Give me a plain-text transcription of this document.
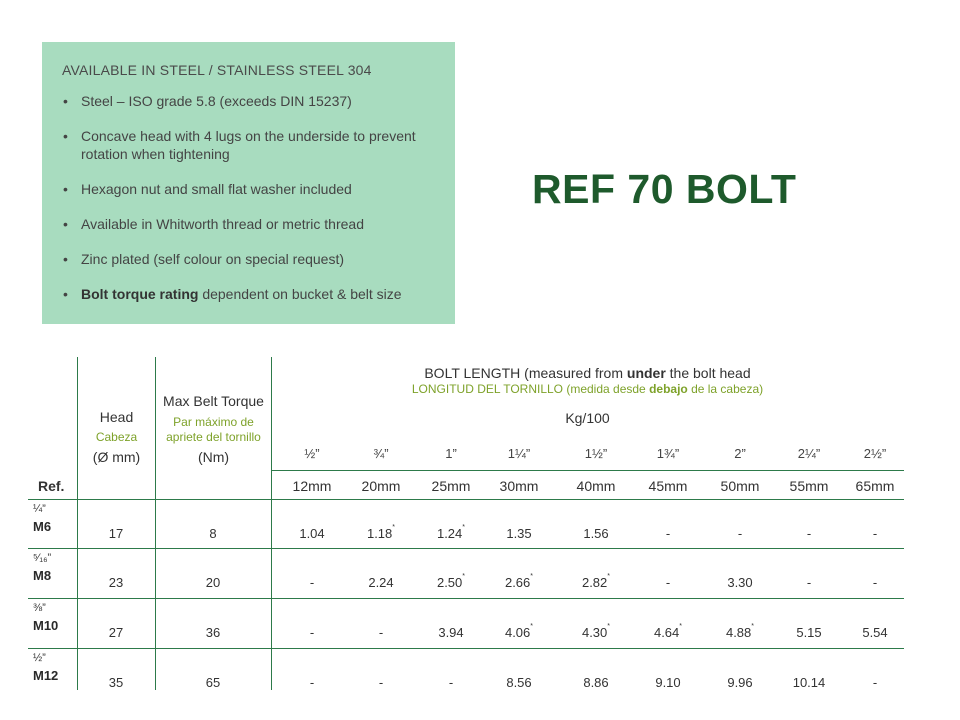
AVAILABLE IN STEEL / STAINLESS STEEL 304
• Steel – ISO grade 5.8 (exceeds DIN 15237)
• Concave head with 4 lugs on the underside to prevent rotation when tightening
• Hexagon nut and small flat washer included
• Available in Whitworth thread or metric thread
• Zinc plated (self colour on special request)
• Bolt torque rating dependent on bucket & belt size
REF 70 BOLT
Head
Cabeza
(Ø mm)
Max Belt Torque
Par máximo de
apriete del tornillo
(Nm)
BOLT LENGTH (measured from under the bolt head
LONGITUD DEL TORNILLO (medida desde debajo de la cabeza)
Kg/100
Ref.
½”	¾”	1”	1¼”	1½”	1¾”	2”	2¼”	2½”
12mm	20mm	25mm	30mm	40mm	45mm	50mm	55mm	65mm
¼”
M6	17	8	1.04	1.18*	1.24*	1.35	1.56	-	-	-	-
⁵⁄₁₆”
M8	23	20	-	2.24	2.50*	2.66*	2.82*	-	3.30	-	-
⅜”
M10	27	36	-	-	3.94	4.06*	4.30*	4.64*	4.88*	5.15	5.54
½”
M12	35	65	-	-	-	8.56	8.86	9.10	9.96	10.14	-
